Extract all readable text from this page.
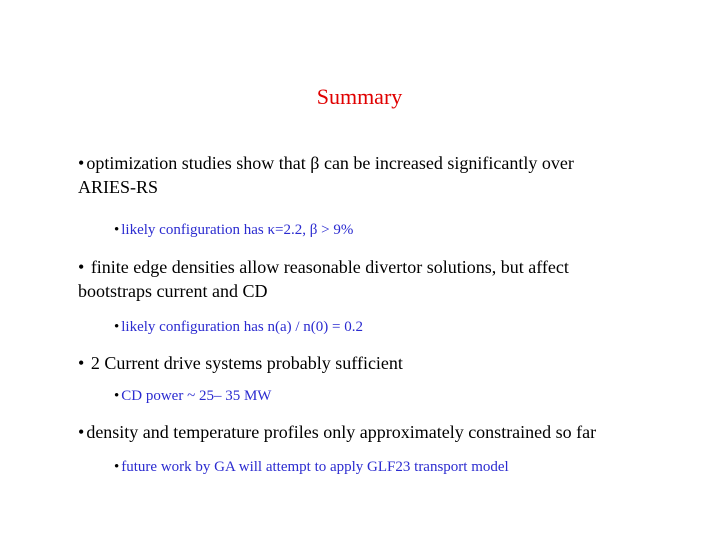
Summary
• optimization studies show that β can be increased significantly over
ARIES-RS
• likely configuration has κ=2.2, β > 9%
• finite edge densities allow reasonable divertor solutions, but affect
bootstraps current and CD
• likely configuration has n(a) / n(0) = 0.2
• 2 Current drive systems probably sufficient
• CD power ~ 25– 35 MW
• density and temperature profiles only approximately constrained so far
• future work by GA will attempt to apply GLF23 transport model
